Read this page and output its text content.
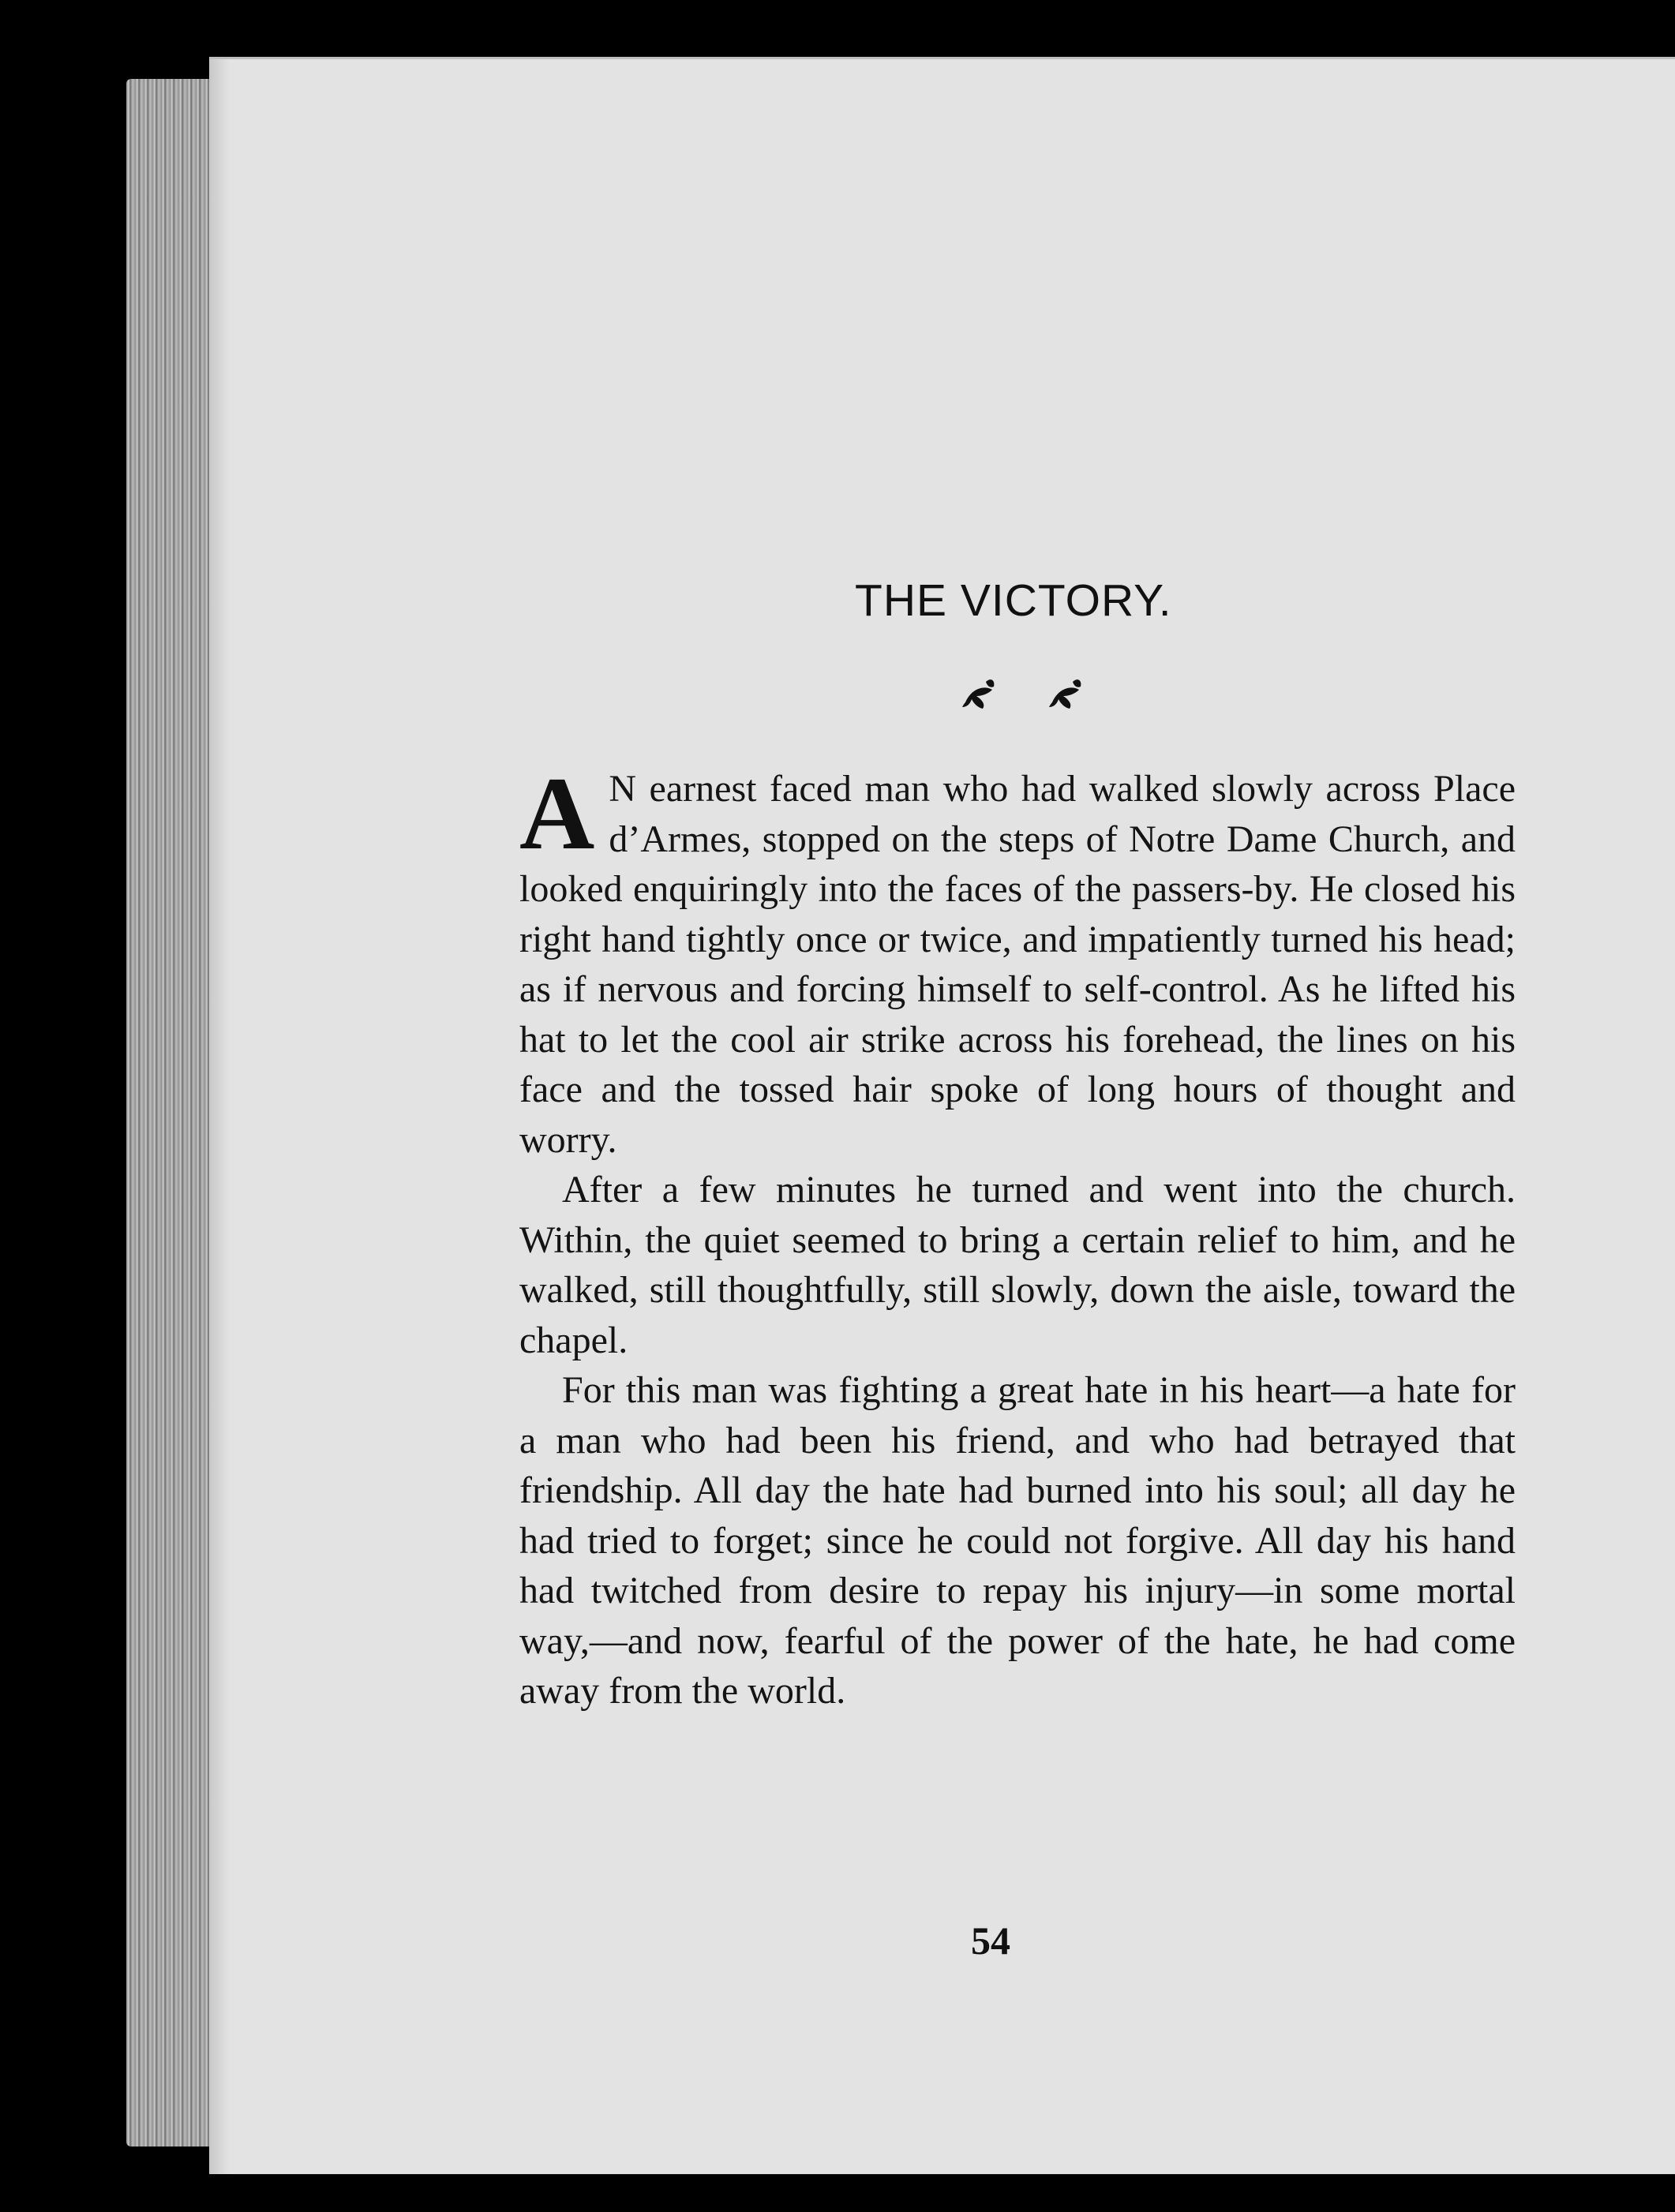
THE VICTORY.
A N earnest faced man who had walked slowly across Place d’Armes, stopped on the steps of Notre Dame Church, and looked enquiringly into the faces of the passers-by. He closed his right hand tightly once or twice, and impatiently turned his head; as if nervous and forcing himself to self-control. As he lifted his hat to let the cool air strike across his forehead, the lines on his face and the tossed hair spoke of long hours of thought and worry.

After a few minutes he turned and went into the church. Within, the quiet seemed to bring a certain relief to him, and he walked, still thoughtfully, still slowly, down the aisle, toward the chapel.

For this man was fighting a great hate in his heart—a hate for a man who had been his friend, and who had betrayed that friendship. All day the hate had burned into his soul; all day he had tried to forget; since he could not forgive. All day his hand had twitched from desire to repay his injury—in some mortal way,—and now, fearful of the power of the hate, he had come away from the world.

54
